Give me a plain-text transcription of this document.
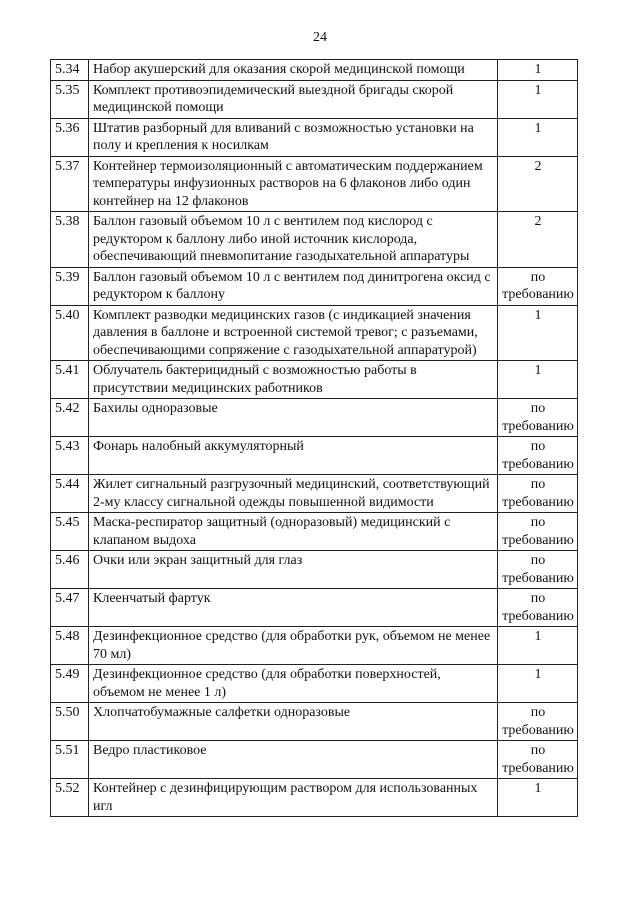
24
5.34	Набор акушерский для оказания скорой медицинской помощи	1
5.35	Комплект противоэпидемический выездной бригады скорой медицинской помощи	1
5.36	Штатив разборный для вливаний с возможностью установки на полу и крепления к носилкам	1
5.37	Контейнер термоизоляционный с автоматическим поддержанием температуры инфузионных растворов на 6 флаконов либо один контейнер на 12 флаконов	2
5.38	Баллон газовый объемом 10 л с вентилем под кислород с редуктором к баллону либо иной источник кислорода, обеспечивающий пневмопитание газодыхательной аппаратуры	2
5.39	Баллон газовый объемом 10 л с вентилем под динитрогена оксид с редуктором к баллону	по требованию
5.40	Комплект разводки медицинских газов (с индикацией значения давления в баллоне и встроенной системой тревог; с разъемами, обеспечивающими сопряжение с газодыхательной аппаратурой)	1
5.41	Облучатель бактерицидный с возможностью работы в присутствии медицинских работников	1
5.42	Бахилы одноразовые	по требованию
5.43	Фонарь налобный аккумуляторный	по требованию
5.44	Жилет сигнальный разгрузочный медицинский, соответствующий 2-му классу сигнальной одежды повышенной видимости	по требованию
5.45	Маска-респиратор защитный (одноразовый) медицинский с клапаном выдоха	по требованию
5.46	Очки или экран защитный для глаз	по требованию
5.47	Клеенчатый фартук	по требованию
5.48	Дезинфекционное средство (для обработки рук, объемом не менее 70 мл)	1
5.49	Дезинфекционное средство (для обработки поверхностей, объемом не менее 1 л)	1
5.50	Хлопчатобумажные салфетки одноразовые	по требованию
5.51	Ведро пластиковое	по требованию
5.52	Контейнер с дезинфицирующим раствором для использованных игл	1
